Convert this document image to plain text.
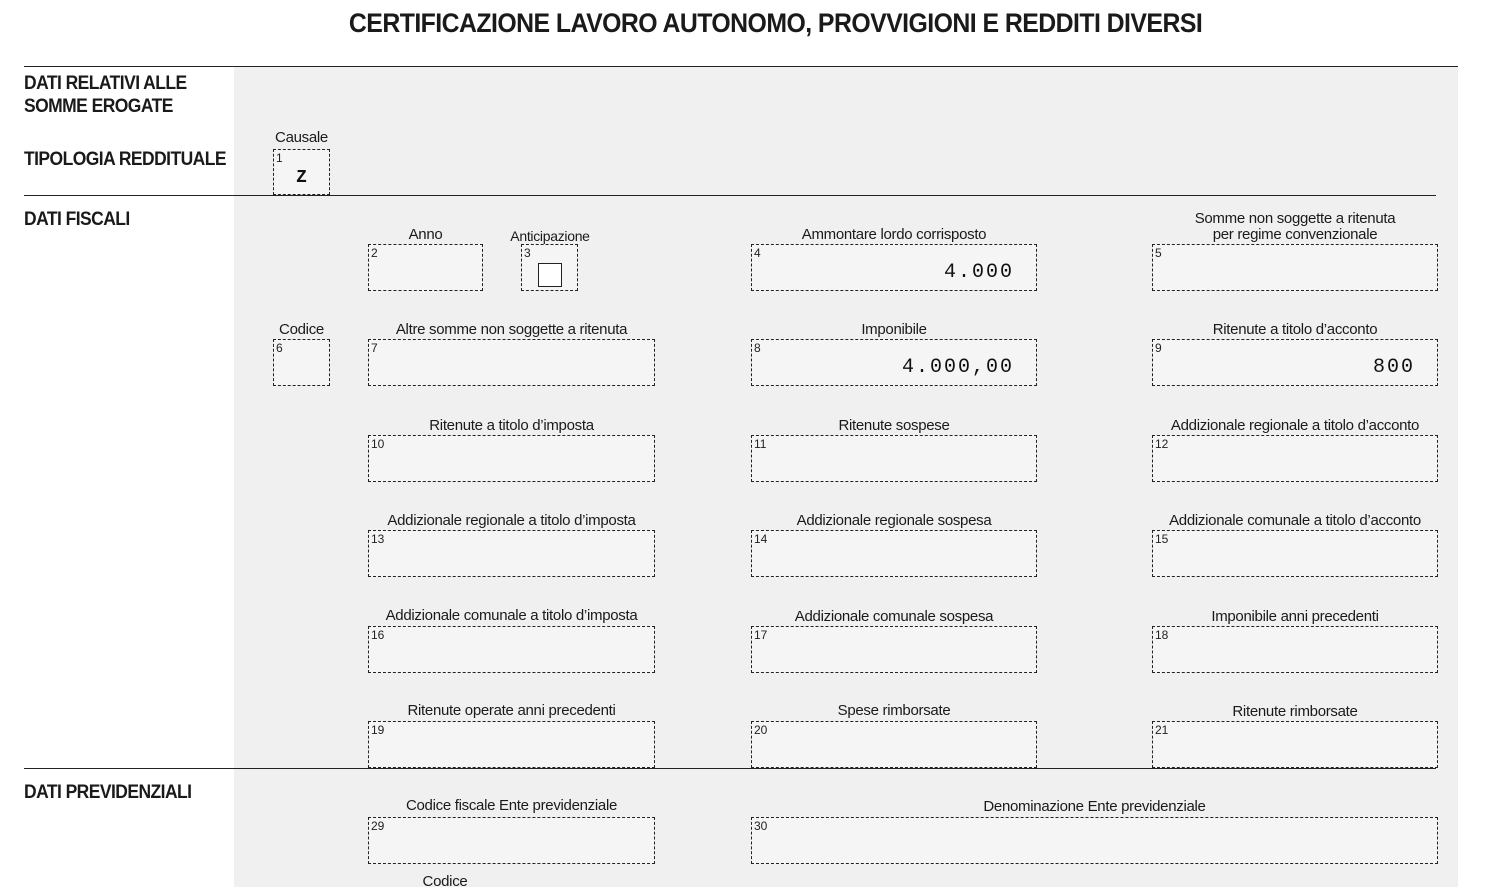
CERTIFICAZIONE LAVORO AUTONOMO, PROVVIGIONI E REDDITI DIVERSI
DATI RELATIVI ALLE
SOMME EROGATE
TIPOLOGIA REDDITUALE
DATI FISCALI
DATI PREVIDENZIALI
Causale
1
Z
Anno
2
Anticipazione
3
Ammontare lordo corrisposto
4
4.000
Somme non soggette a ritenuta
per regime convenzionale
5
Codice
6
Altre somme non soggette a ritenuta
7
Imponibile
8
4.000,00
Ritenute a titolo d’acconto
9
800
Ritenute a titolo d’imposta
10
Ritenute sospese
11
Addizionale regionale a titolo d’acconto
12
Addizionale regionale a titolo d’imposta
13
Addizionale regionale sospesa
14
Addizionale comunale a titolo d’acconto
15
Addizionale comunale a titolo d’imposta
16
Addizionale comunale sospesa
17
Imponibile anni precedenti
18
Ritenute operate anni precedenti
19
Spese rimborsate
20
Ritenute rimborsate
21
Codice fiscale Ente previdenziale
29
Denominazione Ente previdenziale
30
Codice
